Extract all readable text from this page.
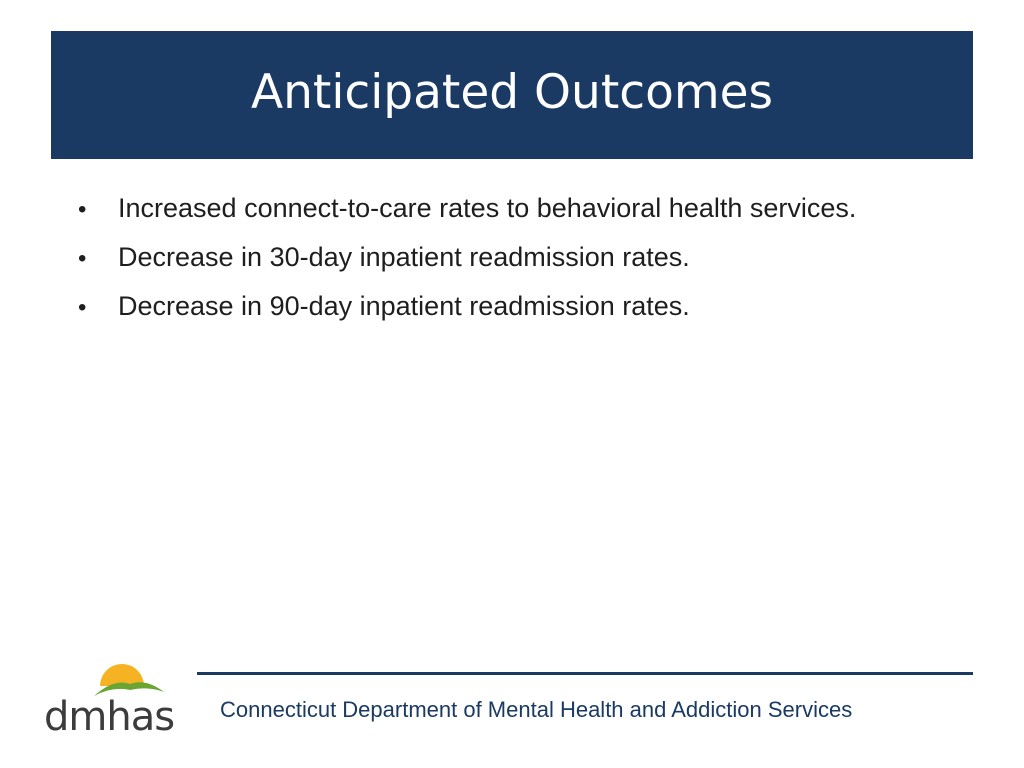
Anticipated Outcomes
•	Increased connect-to-care rates to behavioral health services.
•	Decrease in 30-day inpatient readmission rates.
•	Decrease in 90-day inpatient readmission rates.
dmhas Connecticut Department of Mental Health and Addiction Services
